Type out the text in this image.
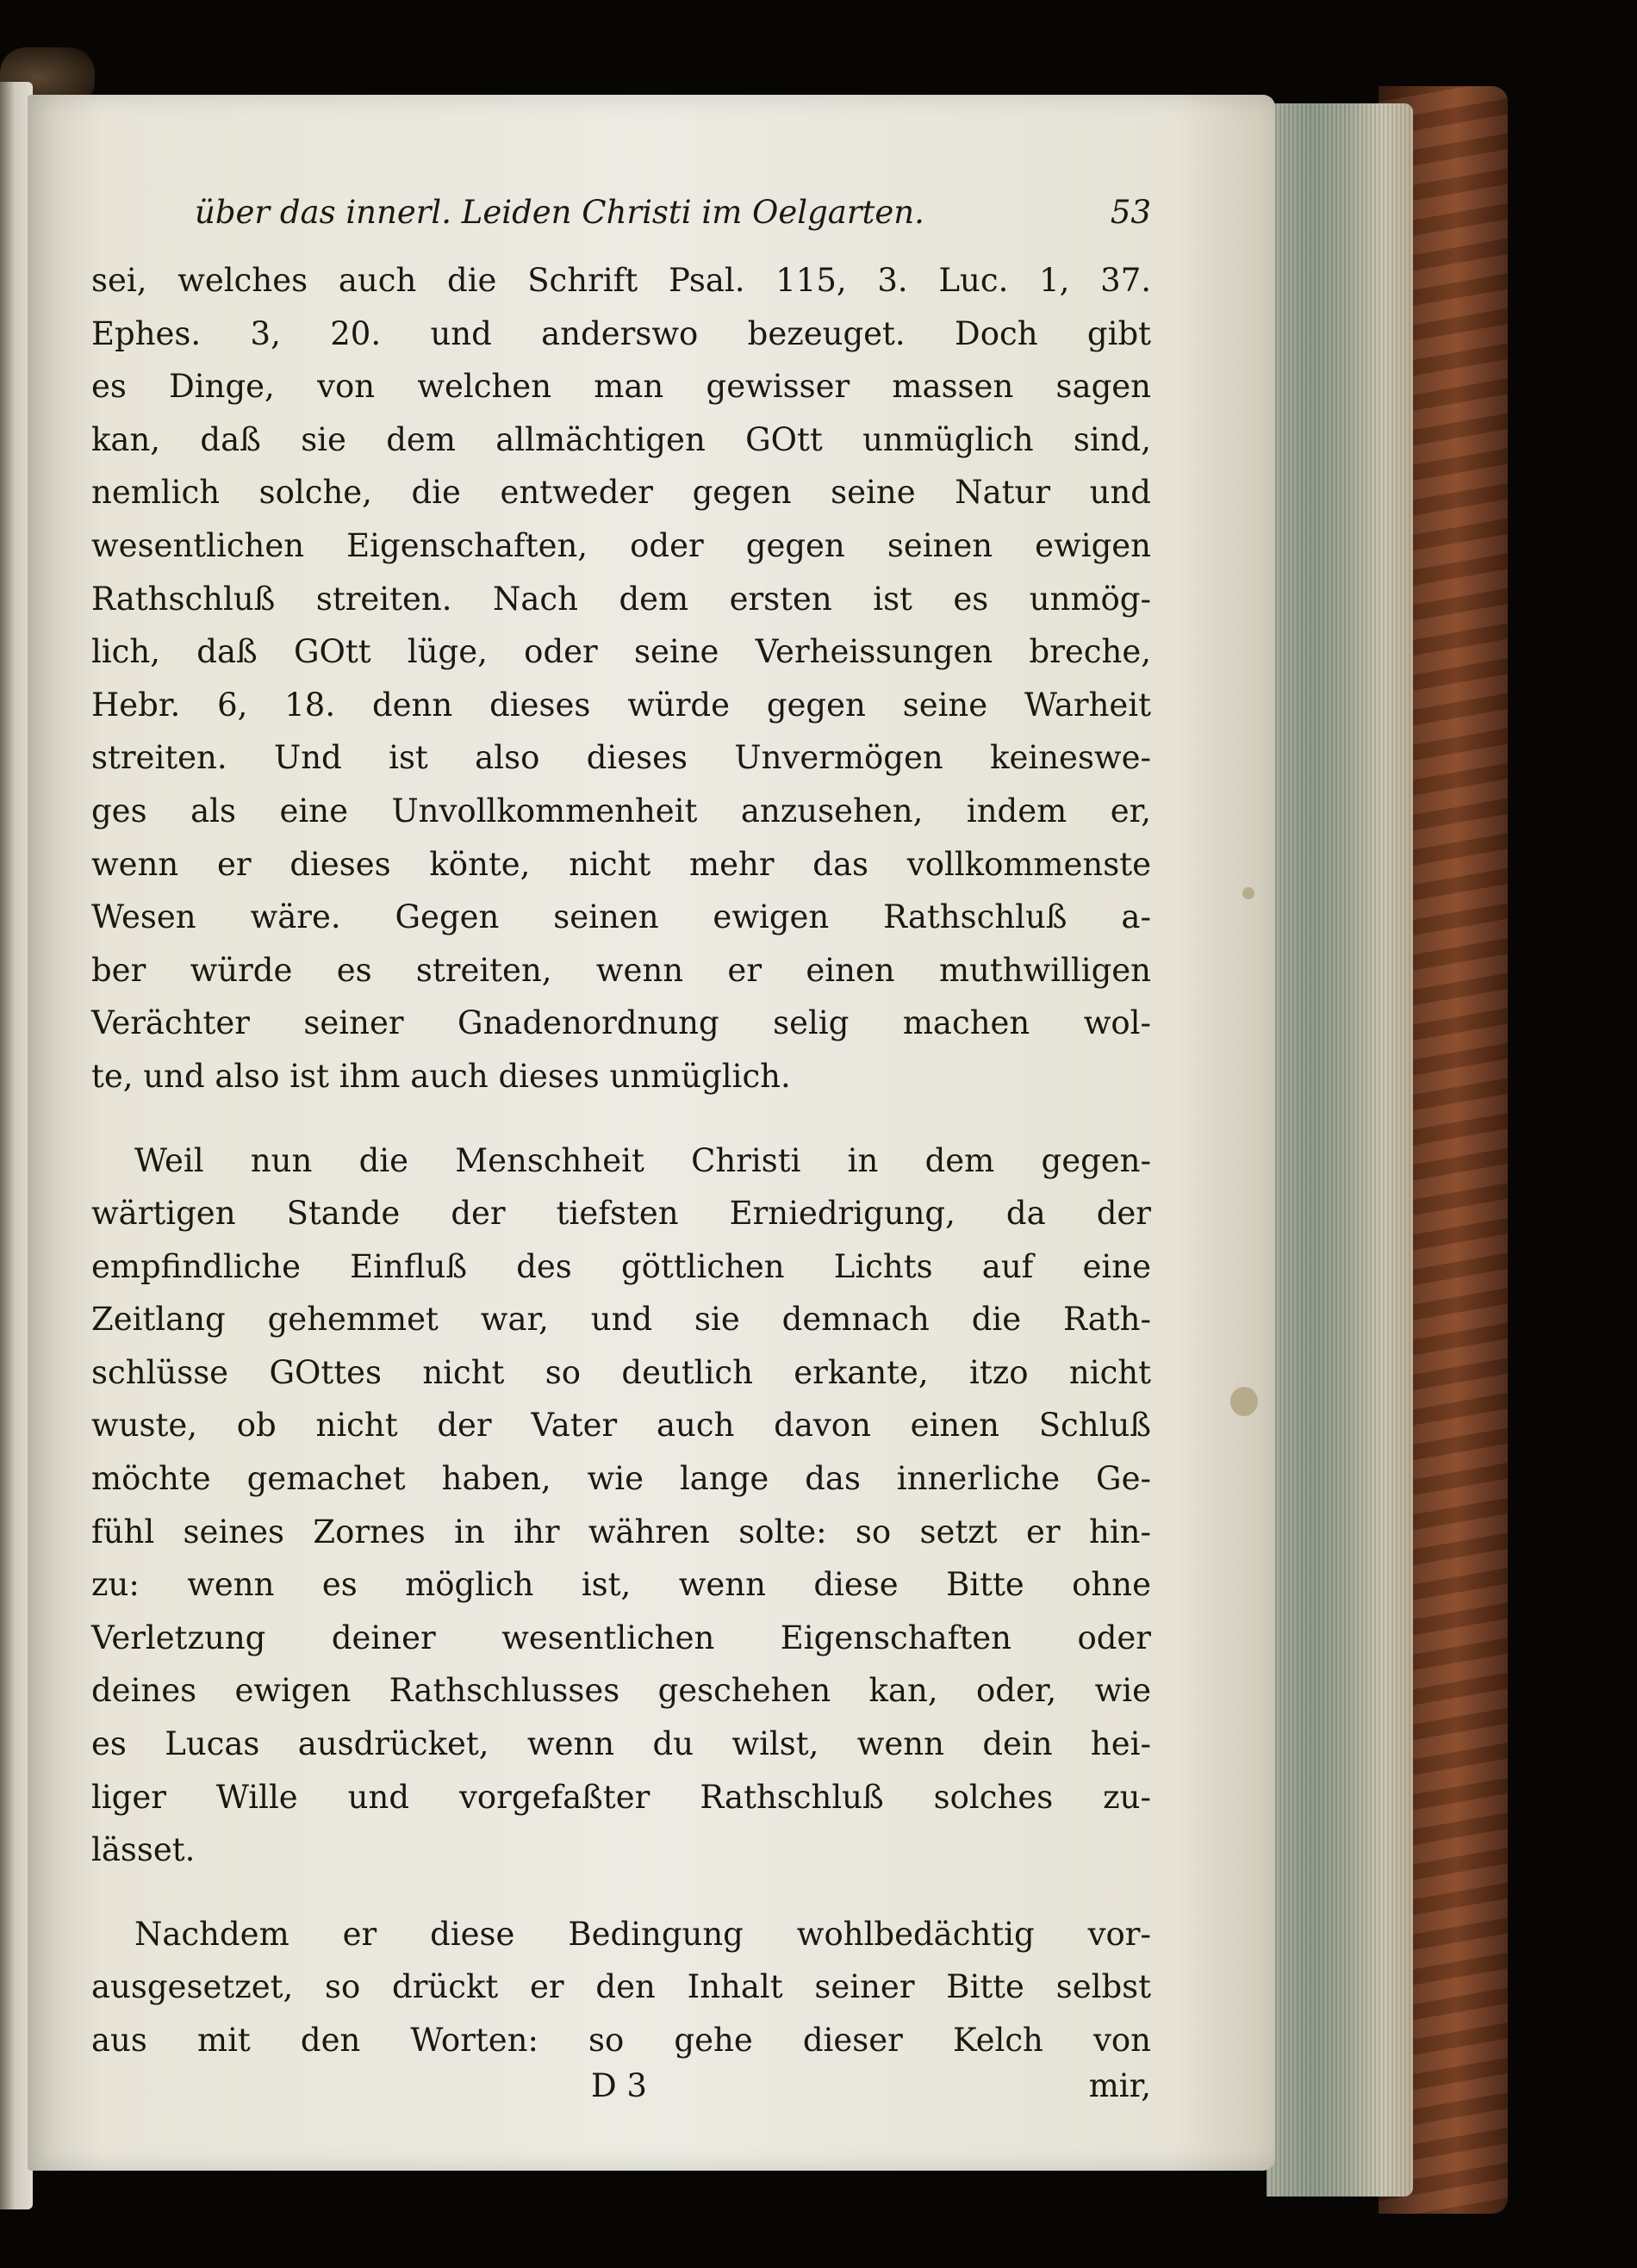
über das innerl. Leiden Christi im Oelgarten.	53
sei, welches auch die Schrift Psal. 115, 3. Luc. 1, 37.
Ephes. 3, 20. und anderswo bezeuget. Doch gibt
es Dinge, von welchen man gewisser massen sagen
kan, daß sie dem allmächtigen GOtt unmüglich sind,
nemlich solche, die entweder gegen seine Natur und
wesentlichen Eigenschaften, oder gegen seinen ewigen
Rathschluß streiten. Nach dem ersten ist es unmög-
lich, daß GOtt lüge, oder seine Verheissungen breche,
Hebr. 6, 18. denn dieses würde gegen seine Warheit
streiten. Und ist also dieses Unvermögen keineswe-
ges als eine Unvollkommenheit anzusehen, indem er,
wenn er dieses könte, nicht mehr das vollkommenste
Wesen wäre. Gegen seinen ewigen Rathschluß a-
ber würde es streiten, wenn er einen muthwilligen
Verächter seiner Gnadenordnung selig machen wol-
te, und also ist ihm auch dieses unmüglich.
Weil nun die Menschheit Christi in dem gegen-
wärtigen Stande der tiefsten Erniedrigung, da der
empfindliche Einfluß des göttlichen Lichts auf eine
Zeitlang gehemmet war, und sie demnach die Rath-
schlüsse GOttes nicht so deutlich erkante, itzo nicht
wuste, ob nicht der Vater auch davon einen Schluß
möchte gemachet haben, wie lange das innerliche Ge-
fühl seines Zornes in ihr währen solte: so setzt er hin-
zu: wenn es möglich ist, wenn diese Bitte ohne
Verletzung deiner wesentlichen Eigenschaften oder
deines ewigen Rathschlusses geschehen kan, oder, wie
es Lucas ausdrücket, wenn du wilst, wenn dein hei-
liger Wille und vorgefaßter Rathschluß solches zu-
lässet.
Nachdem er diese Bedingung wohlbedächtig vor-
ausgesetzet, so drückt er den Inhalt seiner Bitte selbst
aus mit den Worten: so gehe dieser Kelch von
D 3	mir,
